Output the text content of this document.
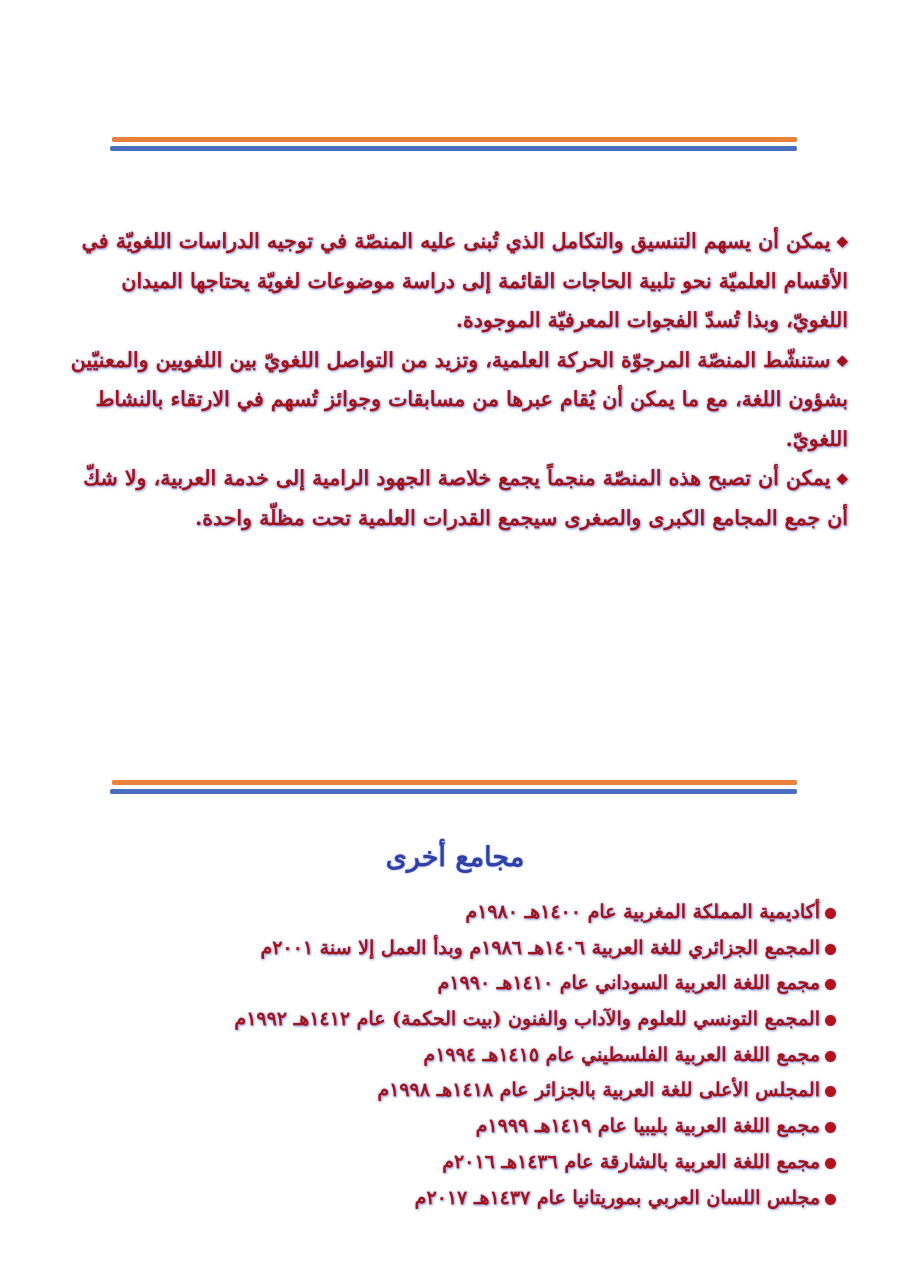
◆يمكن أن يسهم التنسيق والتكامل الذي تُبنى عليه المنصّة في توجيه الدراسات اللغويّة في الأقسام العلميّة نحو تلبية الحاجات القائمة إلى دراسة موضوعات لغويّة يحتاجها الميدان اللغويّ، وبذا تُسدّ الفجوات المعرفيّة الموجودة.

◆ستنشّط المنصّة المرجوّة الحركة العلمية، وتزيد من التواصل اللغويّ بين اللغويين والمعنيّين بشؤون اللغة، مع ما يمكن أن يُقام عبرها من مسابقات وجوائز تُسهم في الارتقاء بالنشاط اللغويّ.

◆يمكن أن تصبح هذه المنصّة منجماً يجمع خلاصة الجهود الرامية إلى خدمة العربية، ولا شكّ أن جمع المجامع الكبرى والصغرى سيجمع القدرات العلمية تحت مظلّة واحدة.

مجامع أخرى
أكاديمية المملكة المغربية عام ١٤٠٠هـ ١٩٨٠م
المجمع الجزائري للغة العربية ١٤٠٦هـ ١٩٨٦م وبدأ العمل إلا سنة ٢٠٠١م
مجمع اللغة العربية السوداني عام ١٤١٠هـ ١٩٩٠م
المجمع التونسي للعلوم والآداب والفنون (بيت الحكمة) عام ١٤١٢هـ ١٩٩٢م
مجمع اللغة العربية الفلسطيني عام ١٤١٥هـ ١٩٩٤م
المجلس الأعلى للغة العربية بالجزائر عام ١٤١٨هـ ١٩٩٨م
مجمع اللغة العربية بليبيا عام ١٤١٩هـ ١٩٩٩م
مجمع اللغة العربية بالشارقة عام ١٤٣٦هـ ٢٠١٦م
مجلس اللسان العربي بموريتانيا عام ١٤٣٧هـ ٢٠١٧م
